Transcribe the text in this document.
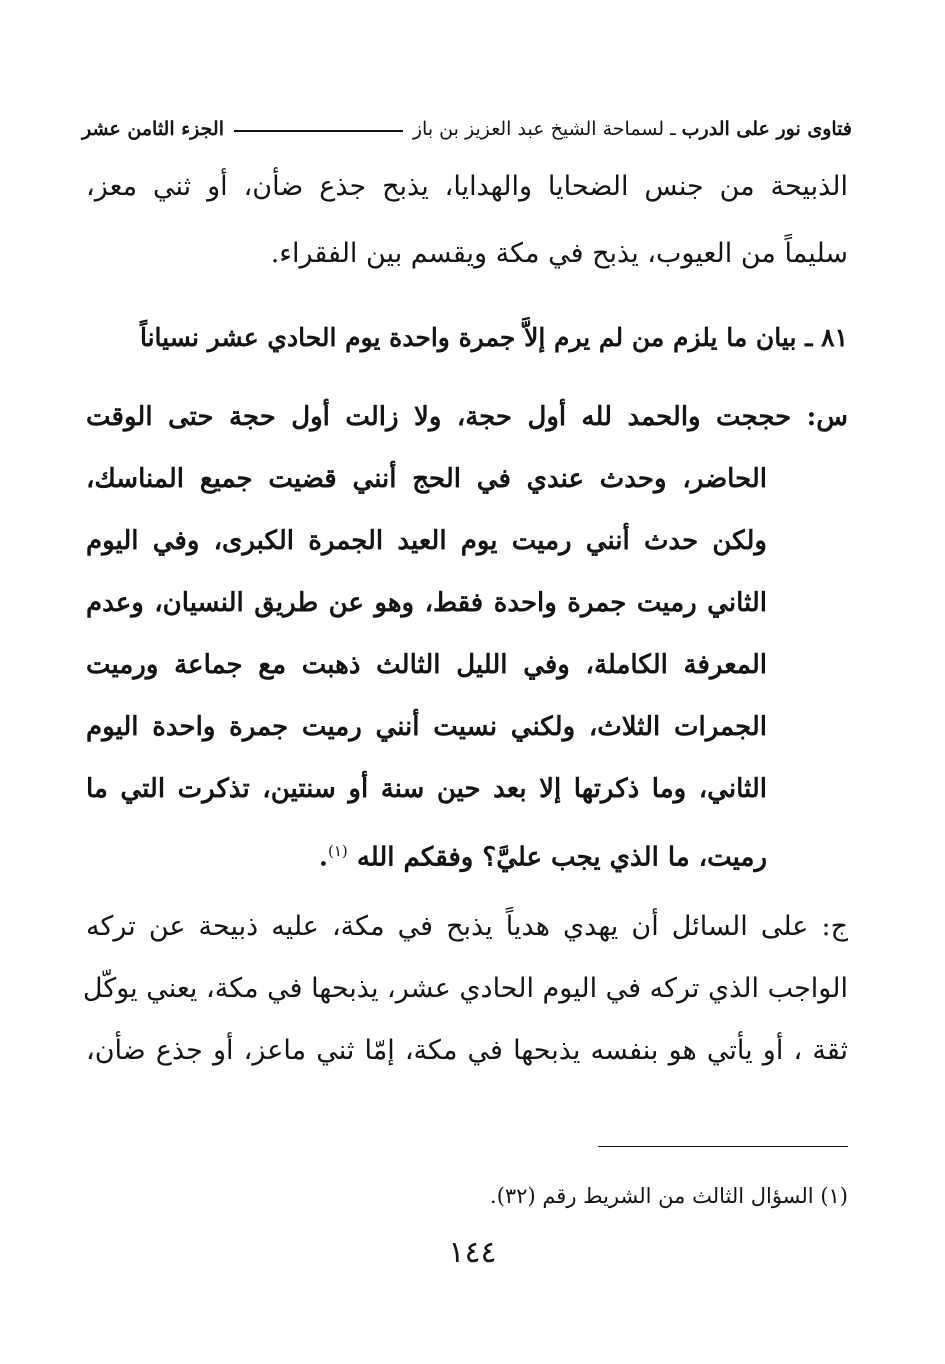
فتاوى نور على الدرب
ـ
لسماحة الشيخ عبد العزيز بن باز
الجزء الثامن عشر
الذبيحة من جنس الضحايا والهدايا، يذبح جذع ضأن، أو ثني معز،
سليماً من العيوب، يذبح في مكة ويقسم بين الفقراء.
٨١ ـ بيان ما يلزم من لم يرم إلاَّ جمرة واحدة يوم الحادي عشر نسياناً
س: حججت والحمد لله أول حجة، ولا زالت أول حجة حتى الوقت
الحاضر، وحدث عندي في الحج أنني قضيت جميع المناسك،
ولكن حدث أنني رميت يوم العيد الجمرة الكبرى، وفي اليوم
الثاني رميت جمرة واحدة فقط، وهو عن طريق النسيان، وعدم
المعرفة الكاملة، وفي الليل الثالث ذهبت مع جماعة ورميت
الجمرات الثلاث، ولكني نسيت أنني رميت جمرة واحدة اليوم
الثاني، وما ذكرتها إلا بعد حين سنة أو سنتين، تذكرت التي ما
رميت، ما الذي يجب عليَّ؟ وفقكم الله $^{(١)}$.
ج: على السائل أن يهدي هدياً يذبح في مكة، عليه ذبيحة عن تركه
الواجب الذي تركه في اليوم الحادي عشر، يذبحها في مكة، يعني يوكّل
ثقة ، أو يأتي هو بنفسه يذبحها في مكة، إمّا ثني ماعز، أو جذع ضأن،
(١) السؤال الثالث من الشريط رقم (٣٢).
١٤٤
